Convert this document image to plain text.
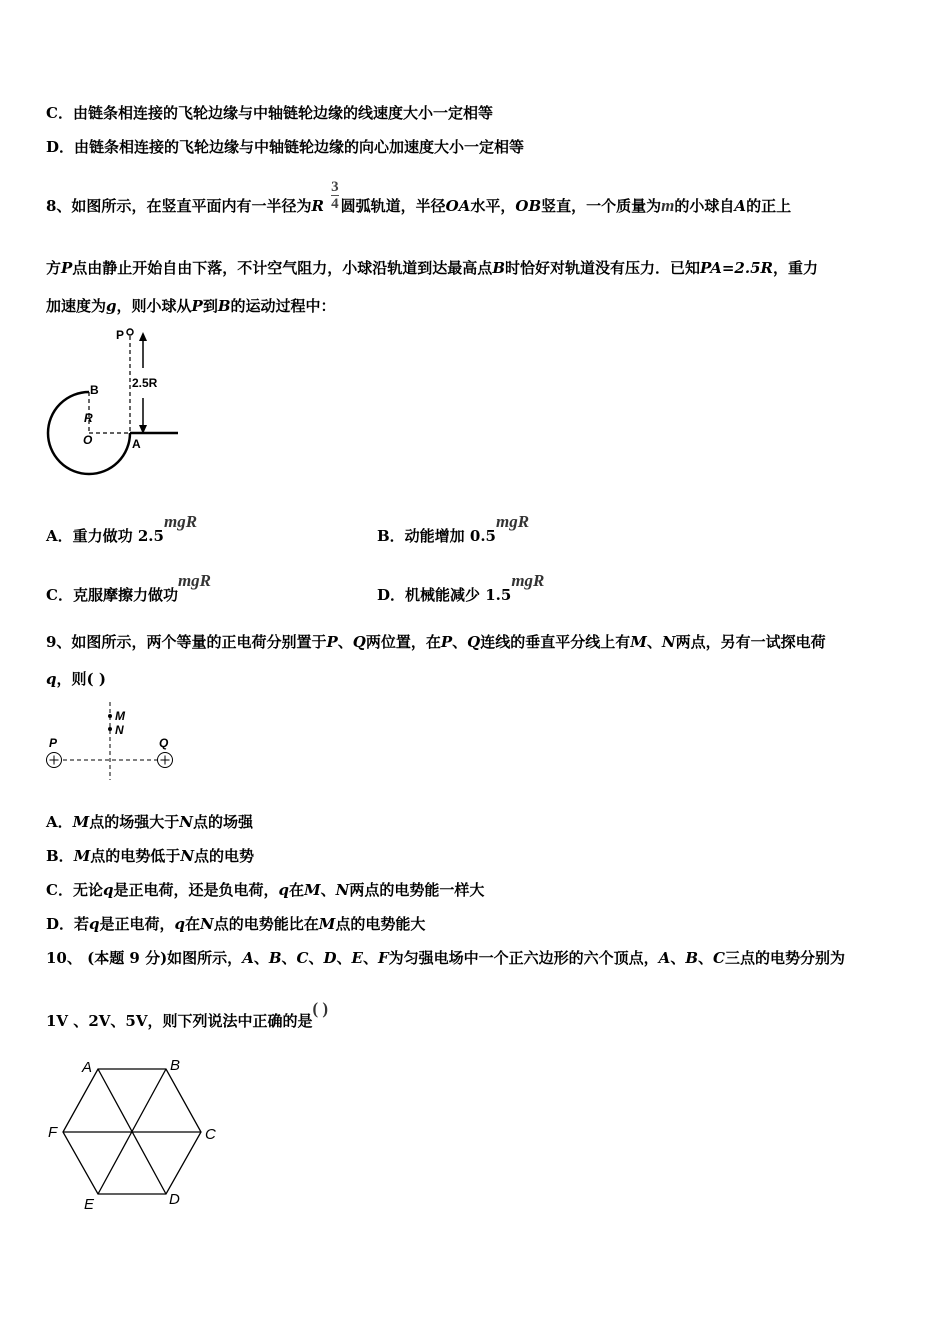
C．由链条相连接的飞轮边缘与中轴链轮边缘的线速度大小一定相等
D．由链条相连接的飞轮边缘与中轴链轮边缘的向心加速度大小一定相等
8、如图所示，在竖直平面内有一半径为R $\frac{3}{4}$ 圆弧轨道，半径OA水平，OB竖直，一个质量为m的小球自A的正上
方P点由静止开始自由下落，不计空气阻力，小球沿轨道到达最高点B时恰好对轨道没有压力．已知PA=2.5R，重力
加速度为g，则小球从P到B的运动过程中：
P
2.5R
B
R
O	A
A．重力做功 2.5mgR
B．动能增加 0.5mgR
C．克服摩擦力做功mgR
D．机械能减少 1.5mgR
9、如图所示，两个等量的正电荷分别置于P、Q两位置，在P、Q连线的垂直平分线上有M、N两点，另有一试探电荷
q，则( )
M
N
P	Q
A．M点的场强大于N点的场强
B．M点的电势低于N点的电势
C．无论q是正电荷，还是负电荷，q在M、N两点的电势能一样大
D．若q是正电荷，q在N点的电势能比在M点的电势能大
10、 (本题 9 分)如图所示，A、B、C、D、E、F为匀强电场中一个正六边形的六个顶点，A、B、C三点的电势分别为
1V 、2V、5V，则下列说法中正确的是( )
A	B
C
D
E
F
